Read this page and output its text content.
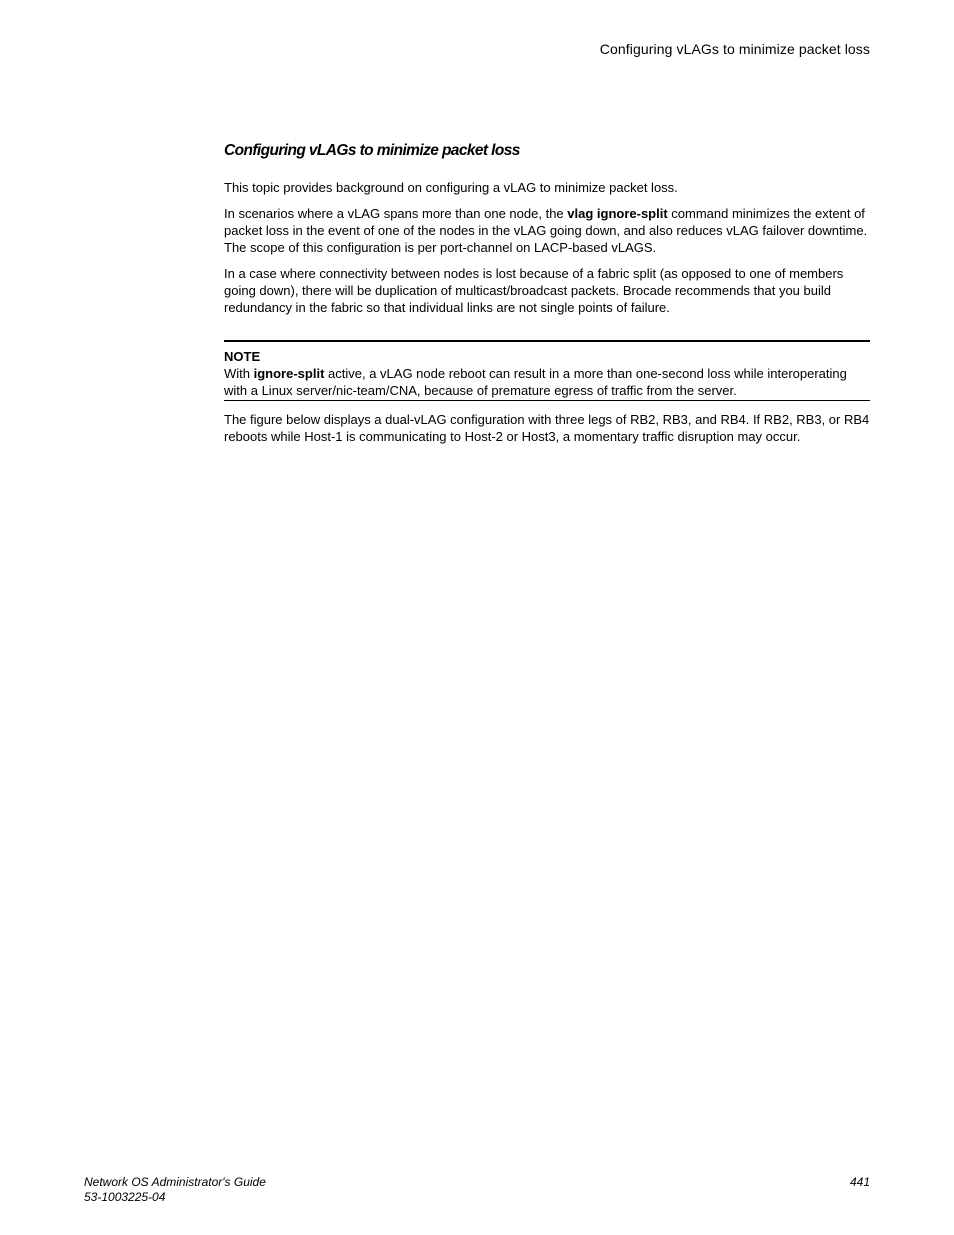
Configuring vLAGs to minimize packet loss
Configuring vLAGs to minimize packet loss

This topic provides background on configuring a vLAG to minimize packet loss.

In scenarios where a vLAG spans more than one node, the vlag ignore-split command minimizes the extent of packet loss in the event of one of the nodes in the vLAG going down, and also reduces vLAG failover downtime. The scope of this configuration is per port-channel on LACP-based vLAGS.

In a case where connectivity between nodes is lost because of a fabric split (as opposed to one of members going down), there will be duplication of multicast/broadcast packets. Brocade recommends that you build redundancy in the fabric so that individual links are not single points of failure.

NOTE

With ignore-split active, a vLAG node reboot can result in a more than one-second loss while interoperating with a Linux server/nic-team/CNA, because of premature egress of traffic from the server.

The figure below displays a dual-vLAG configuration with three legs of RB2, RB3, and RB4. If RB2, RB3, or RB4 reboots while Host-1 is communicating to Host-2 or Host3, a momentary traffic disruption may occur.

Network OS Administrator's Guide
53-1003225-04
441
